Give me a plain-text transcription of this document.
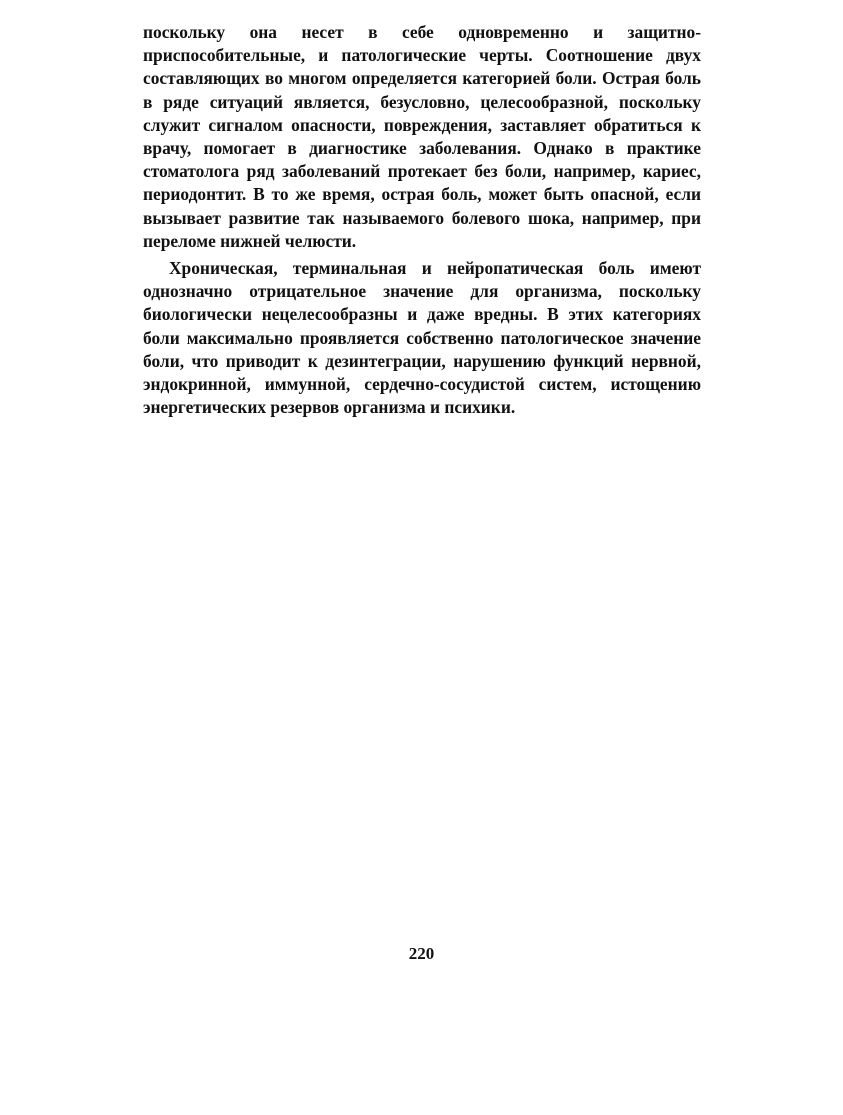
поскольку она несет в себе одновременно и защитно-приспособительные, и патологические черты. Соотношение двух составляющих во многом определяется категорией боли. Острая боль в ряде ситуаций является, безусловно, целесообразной, поскольку служит сигналом опасности, повреждения, заставляет обратиться к врачу, помогает в диагностике заболевания. Однако в практике стоматолога ряд заболеваний протекает без боли, например, кариес, периодонтит. В то же время, острая боль, может быть опасной, если вызывает развитие так называемого болевого шока, например, при переломе нижней челюсти.

Хроническая, терминальная и нейропатическая боль имеют однозначно отрицательное значение для организма, поскольку биологически нецелесообразны и даже вредны. В этих категориях боли максимально проявляется собственно патологическое значение боли, что приводит к дезинтеграции, нарушению функций нервной, эндокринной, иммунной, сердечно-сосудистой систем, истощению энергетических резервов организма и психики.

220
